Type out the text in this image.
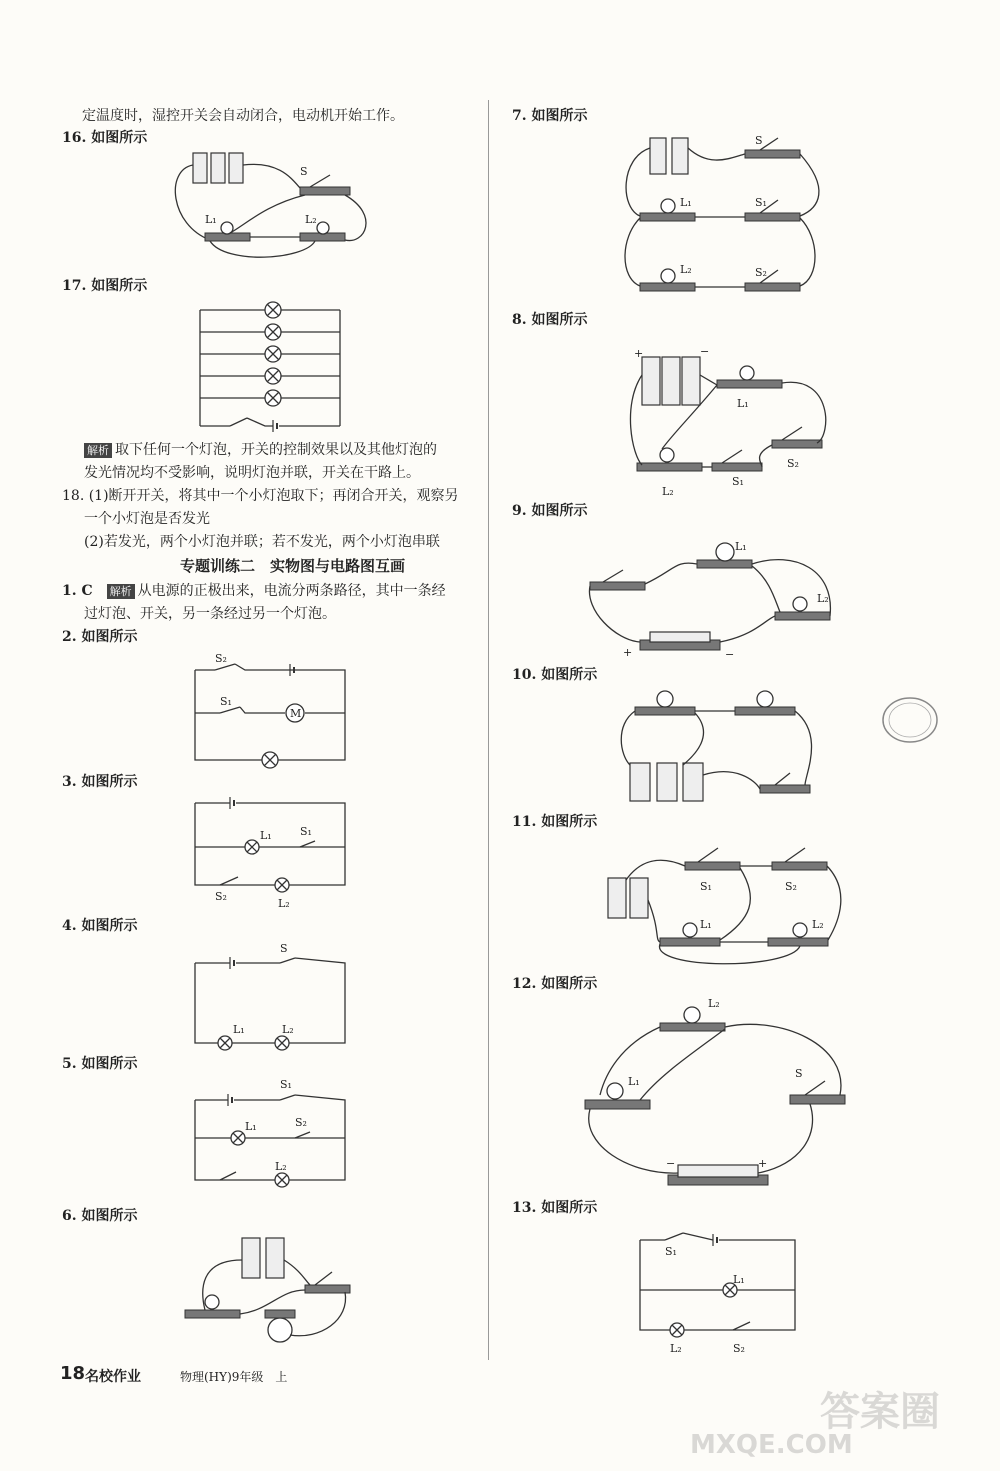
定温度时，湿控开关会自动闭合，电动机开始工作。
16. 如图所示
17. 如图所示
解析 取下任何一个灯泡，开关的控制效果以及其他灯泡的
发光情况均不受影响，说明灯泡并联，开关在干路上。
18. (1)断开开关，将其中一个小灯泡取下；再闭合开关，观察另
一个小灯泡是否发光
(2)若发光，两个小灯泡并联；若不发光，两个小灯泡串联
专题训练二　实物图与电路图互画
1. C　 解析 从电源的正极出来，电流分两条路径，其中一条经
过灯泡、开关，另一条经过另一个灯泡。
2. 如图所示
3. 如图所示
4. 如图所示
5. 如图所示
6. 如图所示
7. 如图所示
8. 如图所示
9. 如图所示
10. 如图所示
11. 如图所示
12. 如图所示
13. 如图所示
S
L₁	L₂
S₂
S₁
M
L₁	S₁
S₂
L₂
S
L₁	L₂
S₁
L₁	S₂
L₂
S
L₁	S₁
L₂	S₂
+	−
L₁
S₂
S₁
L₂
L₁
L₂
+	−
S₁	S₂
L₁	L₂
L₂
L₁
S
−	+
S₁
L₁
L₂	S₂
18 名校作业	物理(HY)9年级　上
MXQE.COM
答案圈
